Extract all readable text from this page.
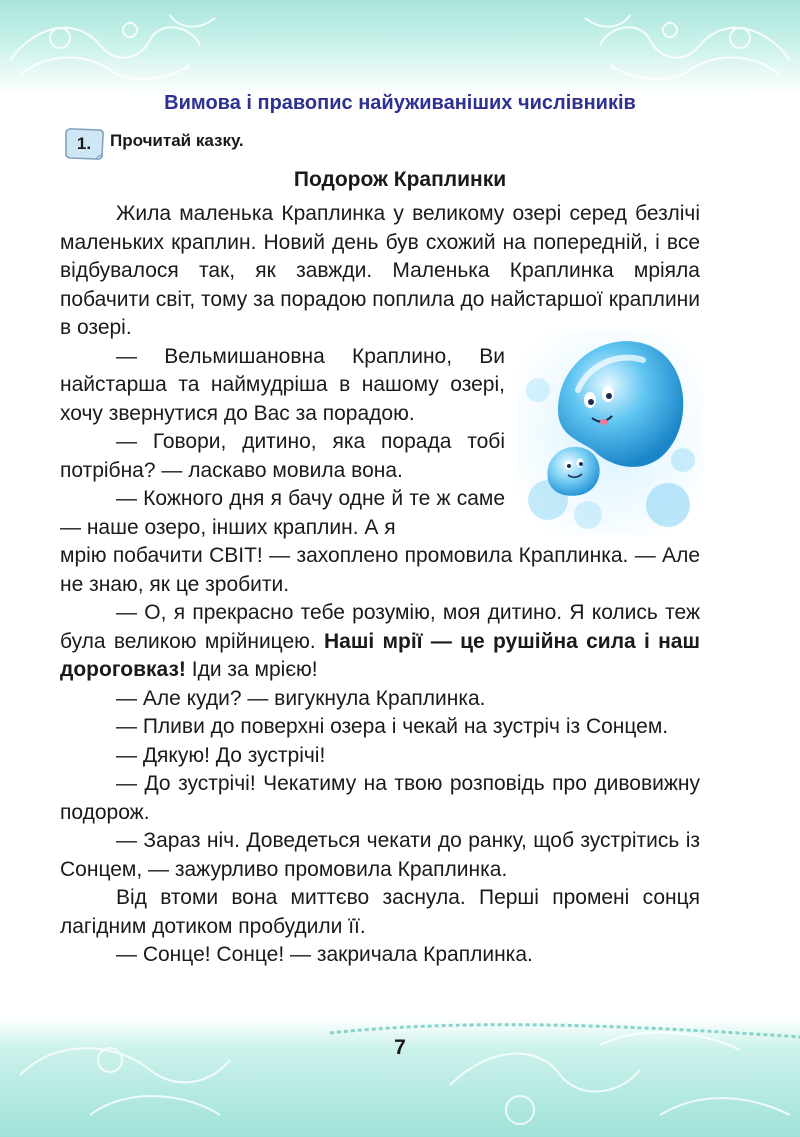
Вимова і правопис найуживаніших числівників
1.	Прочитай казку.
Подорож Краплинки

Жила маленька Краплинка у великому озері серед безлічі маленьких краплин. Новий день був схожий на попередній, і все відбувалося так, як завжди. Маленька Краплинка мріяла побачити світ, тому за порадою поплила до найстаршої краплини в озері.

— Вельмишановна Краплино, Ви найстарша та наймудріша в нашому озері, хочу звернутися до Вас за порадою.

— Говори, дитино, яка порада тобі потрібна? — ласкаво мовила вона.

— Кожного дня я бачу одне й те ж саме — наше озеро, інших краплин. А я

мрію побачити СВІТ! — захоплено промовила Краплинка. — Але не знаю, як це зробити.

— О, я прекрасно тебе розумію, моя дитино. Я колись теж була великою мрійницею. Наші мрії — це рушійна сила і наш дороговказ! Іди за мрією!

— Але куди? — вигукнула Краплинка.

— Пливи до поверхні озера і чекай на зустріч із Сонцем.

— Дякую! До зустрічі!

— До зустрічі! Чекатиму на твою розповідь про дивовижну подорож.

— Зараз ніч. Доведеться чекати до ранку, щоб зустрітись із Сонцем, — зажурливо промовила Краплинка.

Від втоми вона миттєво заснула. Перші промені сонця лагідним дотиком пробудили її.

— Сонце! Сонце! — закричала Краплинка.

7
